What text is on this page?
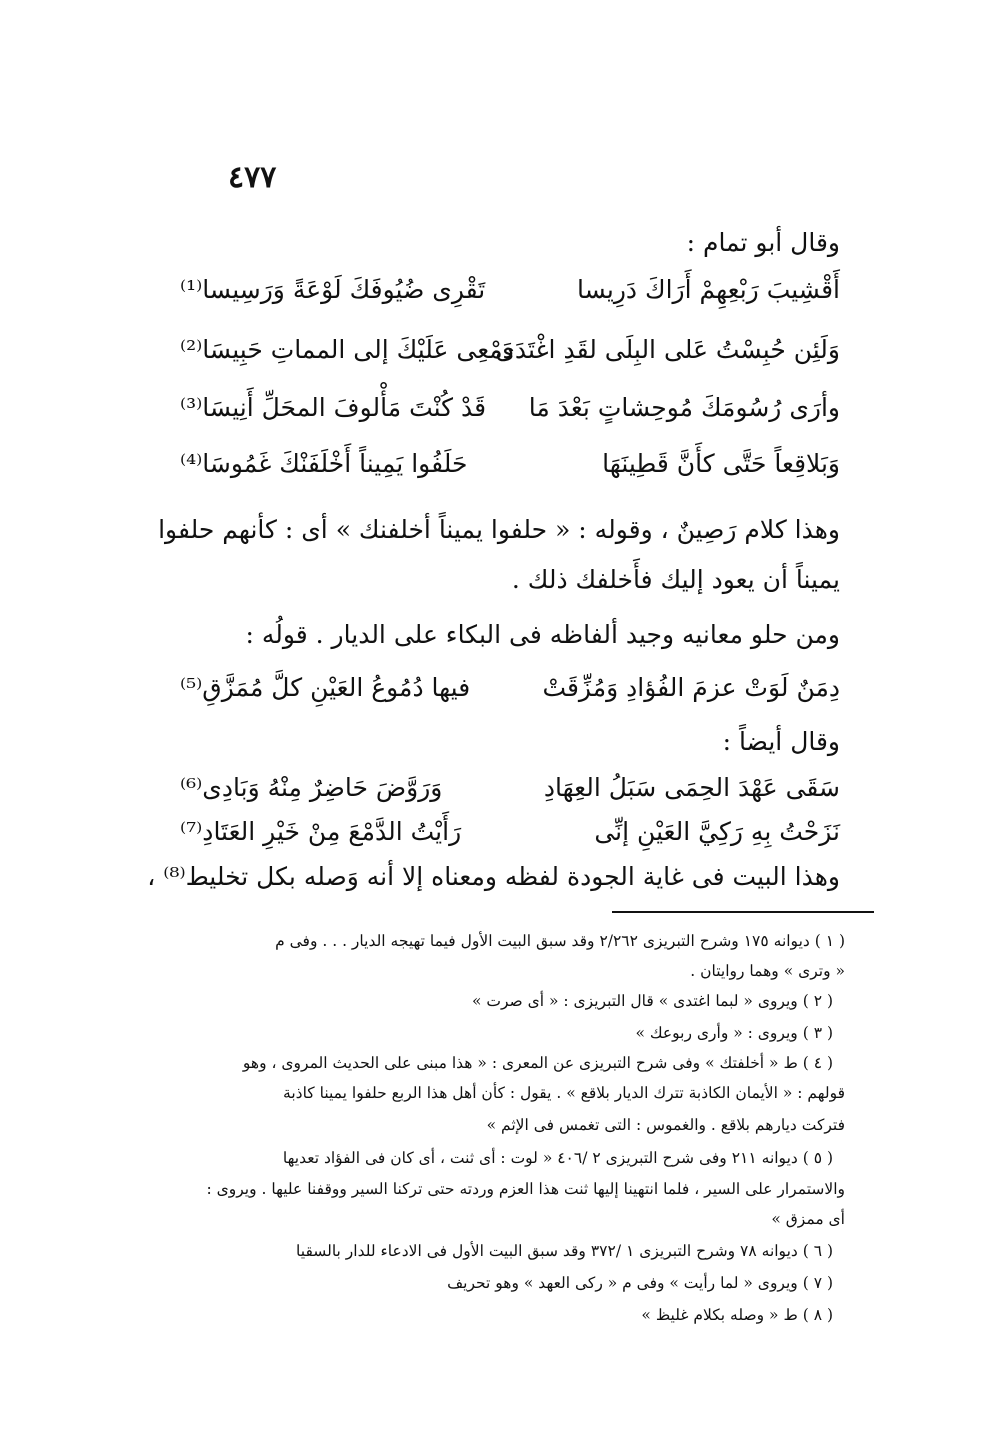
٤٧٧
وقال أبو تمام :
أَقْشِيبَ رَبْعِهِمْ أَرَاكَ دَرِيسا
تَقْرِى ضُيُوفَكَ لَوْعَةً وَرَسِيسا⁽¹⁾
وَلَئِن حُبِسْتُ عَلى البِلَى لقَدِ اغْتَدَى
دَمْعِى عَلَيْكَ إلى المماتِ حَبِيسَا⁽²⁾
وأرَى رُسُومَكَ مُوحِشاتٍ بَعْدَ مَا
قَدْ كُنْتَ مَأْلوفَ المحَلِّ أَنِيسَا⁽³⁾
وَبَلاقِعاً حَتَّى كأَنَّ قَطِينَهَا
حَلَفُوا يَمِيناً أَخْلَفَنْكَ غَمُوسَا⁽⁴⁾
وهذا كلام رَصِينٌ ، وقوله : « حلفوا يميناً أخلفنك » أى : كأنهم حلفوا
يميناً أن يعود إليك فأَخلفك ذلك .
ومن حلو معانيه وجيد ألفاظه فى البكاء على الديار . قولُه :
دِمَنٌ لَوَتْ عزمَ الفُؤادِ وَمُزِّقَتْ
فيها دُمُوعُ العَيْنِ كلَّ مُمَزَّقِ⁽⁵⁾
وقال أيضاً :
سَقَى عَهْدَ الحِمَى سَبَلُ العِهَادِ
وَرَوَّضَ حَاضِرٌ مِنْهُ وَبَادِى⁽⁶⁾
نَزَحْتُ بِهِ رَكِيَّ العَيْنِ إنِّى
رَأَيْتُ الدَّمْعَ مِنْ خَيْرِ العَتَادِ⁽⁷⁾
وهذا البيت فى غاية الجودة لفظه ومعناه إلا أنه وَصله بكل تخليط⁽⁸⁾ ،
( ١ ) ديوانه ١٧٥ وشرح التبريزى ٢/٢٦٢ وقد سبق البيت الأول فيما تهيجه الديار . . . وفى م
« وترى » وهما روايتان .
( ٢ ) ويروى « لبما اغتدى » قال التبريزى : « أى صرت »
( ٣ ) ويروى : « وأرى ربوعك »
( ٤ ) ط « أخلفتك » وفى شرح التبريزى عن المعرى : « هذا مبنى على الحديث المروى ، وهو
قولهم : « الأيمان الكاذبة تترك الديار بلاقع » . يقول : كأن أهل هذا الربع حلفوا يمينا كاذبة
فتركت ديارهم بلاقع . والغموس : التى تغمس فى الإثم »
( ٥ ) ديوانه ٢١١ وفى شرح التبريزى ٢ /٤٠٦ « لوت : أى ثنت ، أى كان فى الفؤاد تعديها
والاستمرار على السير ، فلما انتهينا إليها ثنت هذا العزم وردته حتى تركنا السير ووقفنا عليها . ويروى :
أى ممزق »
( ٦ ) ديوانه ٧٨ وشرح التبريزى ١ /٣٧٢ وقد سبق البيت الأول فى الادعاء للدار بالسقيا
( ٧ ) ويروى « لما رأيت » وفى م « ركى العهد » وهو تحريف
( ٨ ) ط « وصله بكلام غليظ »
